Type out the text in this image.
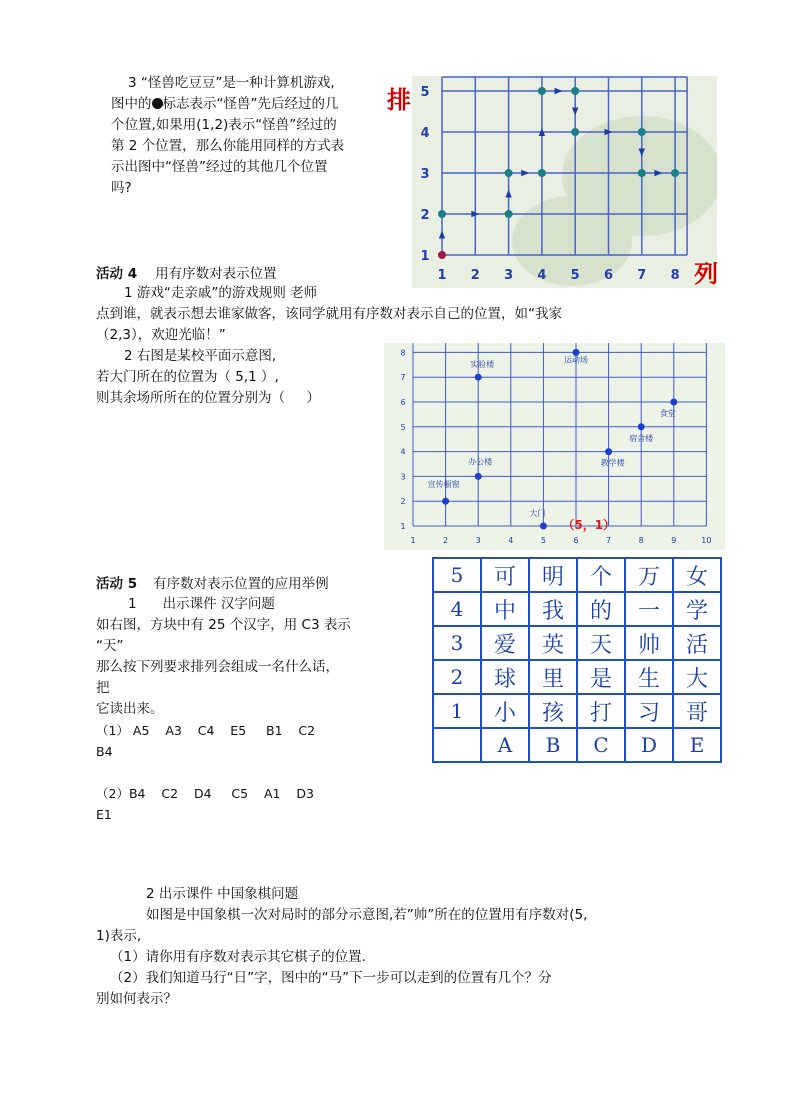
3 “怪兽吃豆豆”是一种计算机游戏,
图中的 标志表示“怪兽”先后经过的几
个位置,如果用(1,2)表示“怪兽”经过的
第 2 个位置，那么你能用同样的方式表
示出图中“怪兽”经过的其他几个位置
吗?
1 2 3 4 5 6 7 8
1
2
3
4
5
排
列
活动 4 用有序数对表示位置
1 游戏“走亲戚”的游戏规则 老师
点到谁，就表示想去谁家做客，该同学就用有序数对表示自己的位置，如“我家
（2,3），欢迎光临！”
2 右图是某校平面示意图,
若大门所在的位置为（ 5,1 ）,
则其余场所所在的位置分别为（     ）
1	2	3	4	5	6	7	8	9	10
1
2
3
4
5
6
7
8
大门
宣传橱窗
办公楼
实验楼
运动场
教学楼
宿舍楼
食堂
（5，1）
活动 5 有序数对表示位置的应用举例
1 出示课件 汉字问题
如右图，方块中有 25 个汉字，用 C3 表示
“天”
那么按下列要求排列会组成一名什么话，
把
它读出来。
（1） A5    A3    C4    E5     B1    C2
B4
（2）B4    C2    D4     C5    A1    D3
E1
5	可	明	个	万	女
4	中	我	的	一	学
3	爱	英	天	帅	活
2	球	里	是	生	大
1	小	孩	打	习	哥
	A	B	C	D	E
2 出示课件 中国象棋问题
如图是中国象棋一次对局时的部分示意图,若”帅”所在的位置用有序数对(5,
1)表示,
（1）请你用有序数对表示其它棋子的位置.
（2）我们知道马行“日”字，图中的“马”下一步可以走到的位置有几个？分
别如何表示？
